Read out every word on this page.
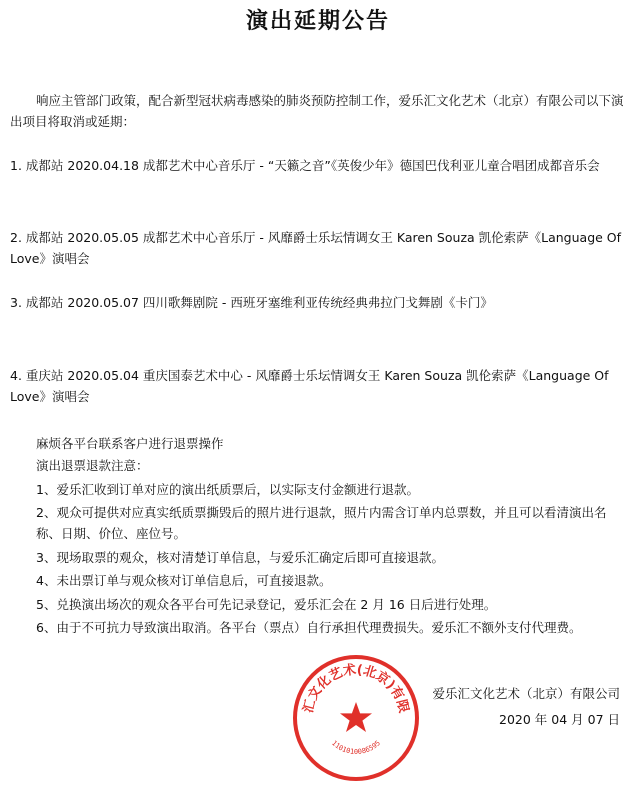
演出延期公告
响应主管部门政策，配合新型冠状病毒感染的肺炎预防控制工作，爱乐汇文化艺术（北京）有限公司以下演出项目将取消或延期：
1. 成都站 2020.04.18 成都艺术中心音乐厅 - “天籁之音”《英俊少年》德国巴伐利亚儿童合唱团成都音乐会
2. 成都站 2020.05.05 成都艺术中心音乐厅 - 风靡爵士乐坛情调女王 Karen Souza 凯伦索萨《Language Of Love》演唱会
3. 成都站 2020.05.07 四川歌舞剧院 - 西班牙塞维利亚传统经典弗拉门戈舞剧《卡门》
4. 重庆站 2020.05.04 重庆国泰艺术中心 - 风靡爵士乐坛情调女王 Karen Souza 凯伦索萨《Language Of Love》演唱会
麻烦各平台联系客户进行退票操作
演出退票退款注意：
1、爱乐汇收到订单对应的演出纸质票后，以实际支付金额进行退款。
2、观众可提供对应真实纸质票撕毁后的照片进行退款，照片内需含订单内总票数，并且可以看清演出名称、日期、价位、座位号。
3、现场取票的观众，核对清楚订单信息，与爱乐汇确定后即可直接退款。
4、未出票订单与观众核对订单信息后，可直接退款。
5、兑换演出场次的观众各平台可先记录登记，爱乐汇会在 2 月 16 日后进行处理。
6、由于不可抗力导致演出取消。各平台（票点）自行承担代理费损失。爱乐汇不额外支付代理费。
汇文化艺术(北京)有限
1101010086595
爱乐汇文化艺术（北京）有限公司
2020 年 04 月 07 日
